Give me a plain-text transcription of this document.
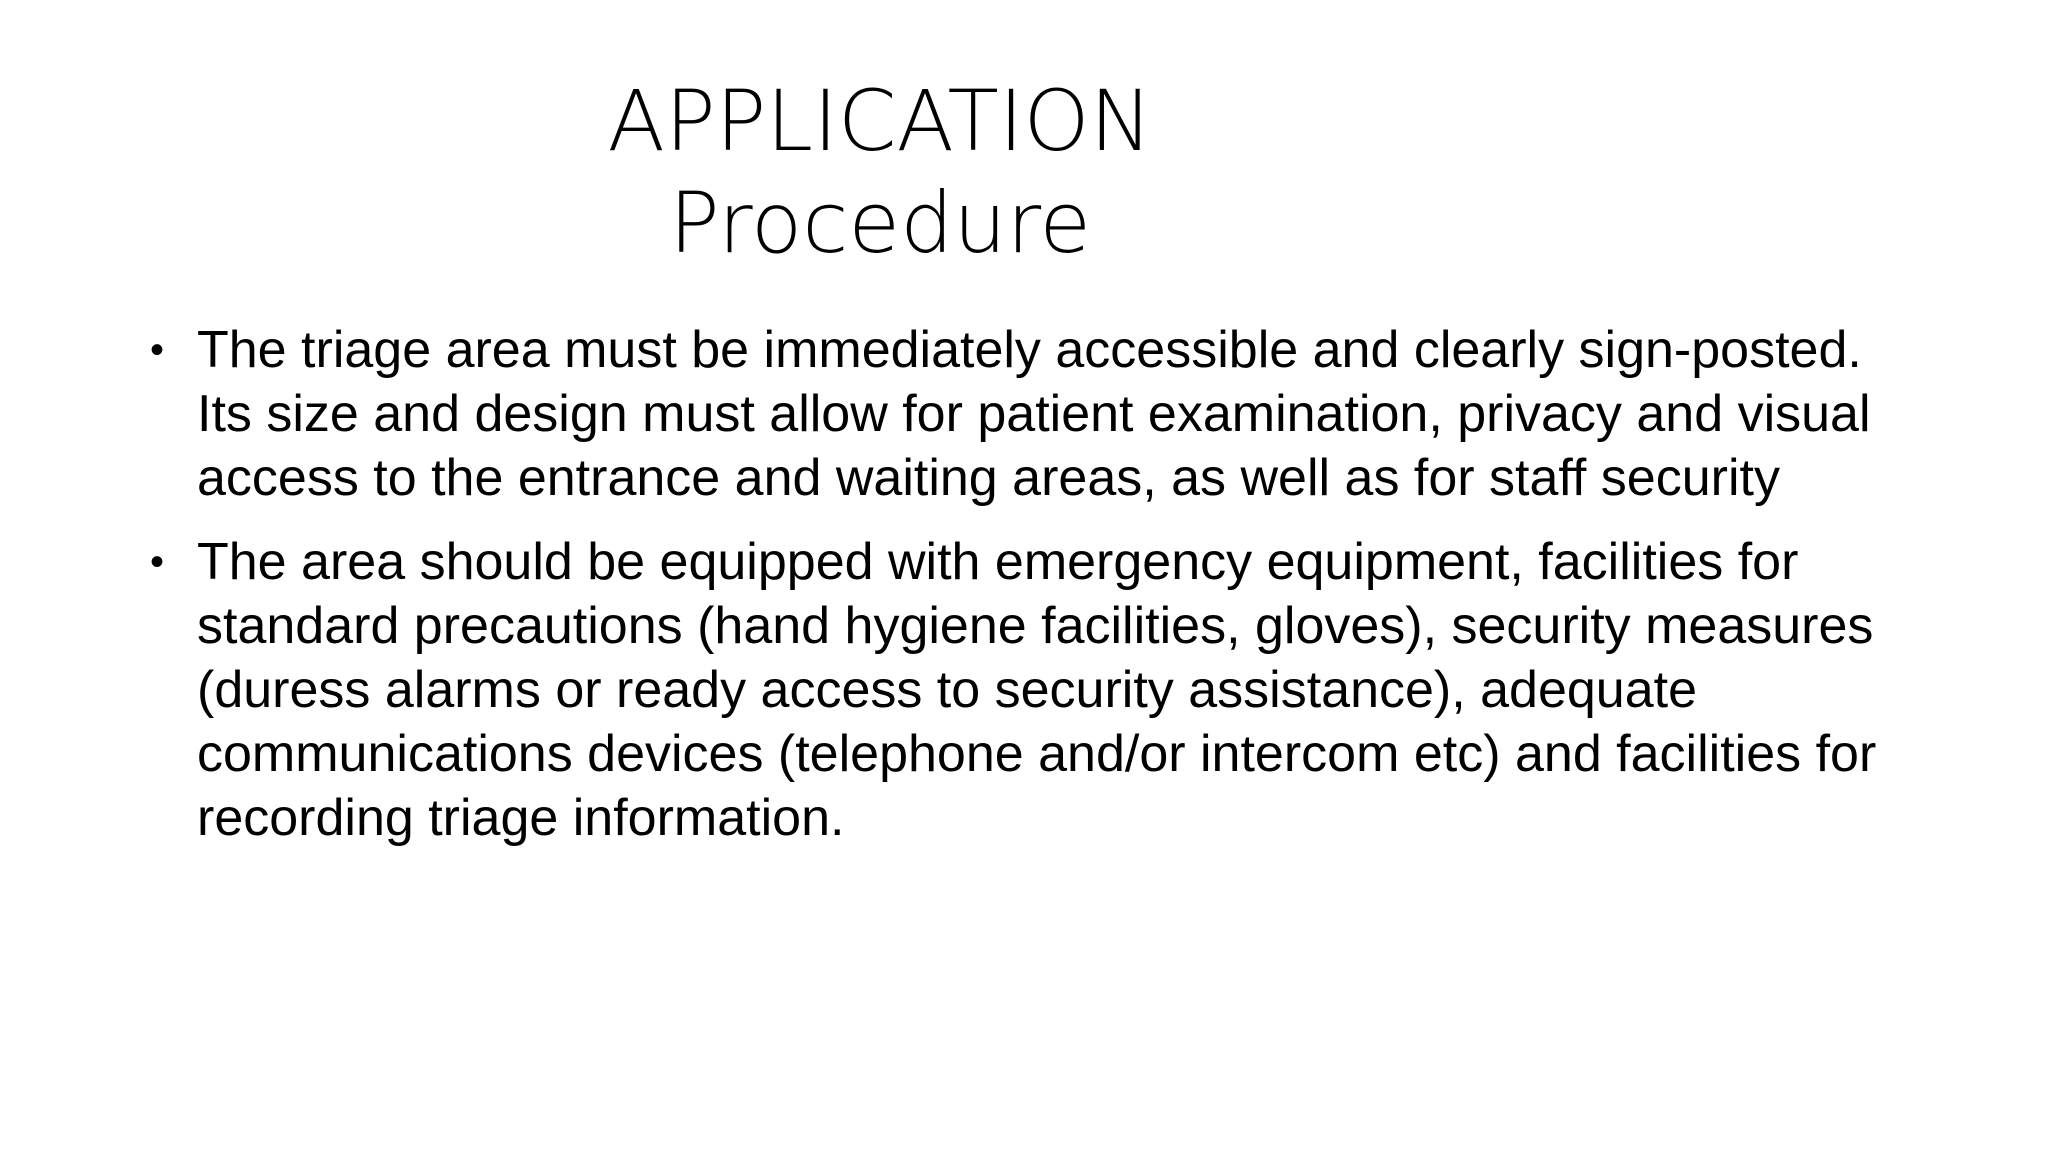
APPLICATION
Procedure
• The triage area must be immediately accessible and clearly sign-posted. Its size and design must allow for patient examination, privacy and visual access to the entrance and waiting areas, as well as for staff security
• The area should be equipped with emergency equipment, facilities for standard precautions (hand hygiene facilities, gloves), security measures (duress alarms or ready access to security assistance), adequate communications devices (telephone and/or intercom etc) and facilities for recording triage information.
